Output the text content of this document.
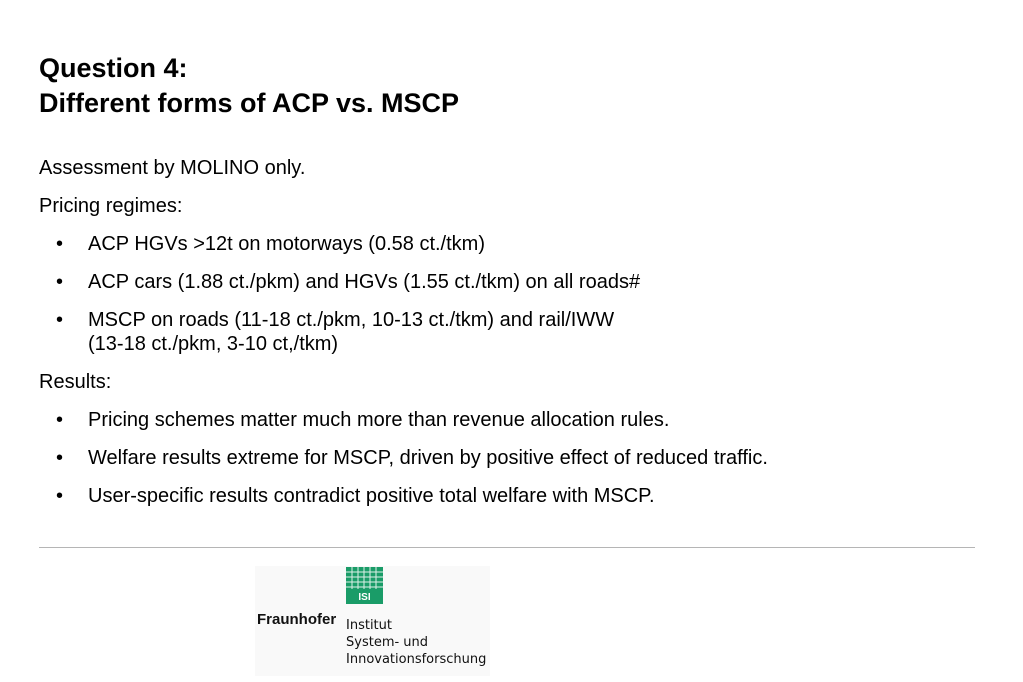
Question 4:
Different forms of ACP vs. MSCP

Assessment by MOLINO only.

Pricing regimes:

• ACP HGVs >12t on motorways (0.58 ct./tkm)
• ACP cars (1.88 ct./pkm) and HGVs (1.55 ct./tkm) on all roads#
• MSCP on roads (11-18 ct./pkm, 10-13 ct./tkm) and rail/IWW
(13-18 ct./pkm, 3-10 ct,/tkm)

Results:

• Pricing schemes matter much more than revenue allocation rules.
• Welfare results extreme for MSCP, driven by positive effect of reduced traffic.
• User-specific results contradict positive total welfare with MSCP.
ISI
Fraunhofer Institut
System- und
Innovationsforschung
